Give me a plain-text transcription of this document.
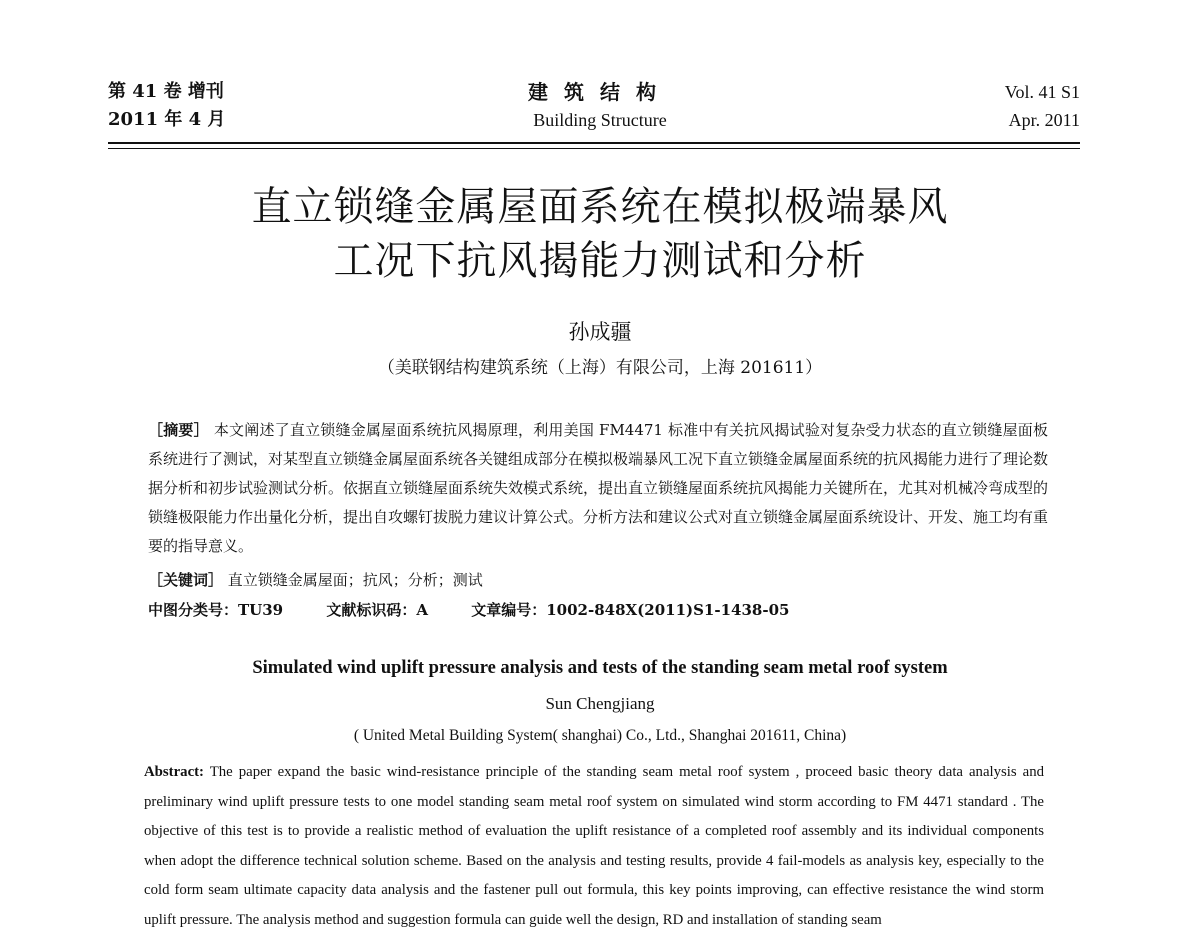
第 41 卷 增刊
2011 年 4 月
建筑结构
Building Structure
Vol. 41 S1
Apr. 2011
直立锁缝金属屋面系统在模拟极端暴风
工况下抗风揭能力测试和分析
孙成疆
（美联钢结构建筑系统（上海）有限公司，上海 201611）
［摘要］ 本文阐述了直立锁缝金属屋面系统抗风揭原理，利用美国 FM4471 标准中有关抗风揭试验对复杂受力状态的直立锁缝屋面板系统进行了测试，对某型直立锁缝金属屋面系统各关键组成部分在模拟极端暴风工况下直立锁缝金属屋面系统的抗风揭能力进行了理论数据分析和初步试验测试分析。依据直立锁缝屋面系统失效模式系统，提出直立锁缝屋面系统抗风揭能力关键所在，尤其对机械冷弯成型的锁缝极限能力作出量化分析，提出自攻螺钉拔脱力建议计算公式。分析方法和建议公式对直立锁缝金属屋面系统设计、开发、施工均有重要的指导意义。
［关键词］ 直立锁缝金属屋面；抗风；分析；测试
中图分类号：TU39	文献标识码：A	文章编号：1002-848X(2011)S1-1438-05
Simulated wind uplift pressure analysis and tests of the standing seam metal roof system
Sun Chengjiang
( United Metal Building System( shanghai) Co., Ltd., Shanghai 201611, China)
Abstract: The paper expand the basic wind-resistance principle of the standing seam metal roof system , proceed basic theory data analysis and preliminary wind uplift pressure tests to one model standing seam metal roof system on simulated wind storm according to FM 4471 standard . The objective of this test is to provide a realistic method of evaluation the uplift resistance of a completed roof assembly and its individual components when adopt the difference technical solution scheme. Based on the analysis and testing results, provide 4 fail-models as analysis key, especially to the cold form seam ultimate capacity data analysis and the fastener pull out formula, this key points improving, can effective resistance the wind storm uplift pressure. The analysis method and suggestion formula can guide well the design, RD and installation of standing seam
